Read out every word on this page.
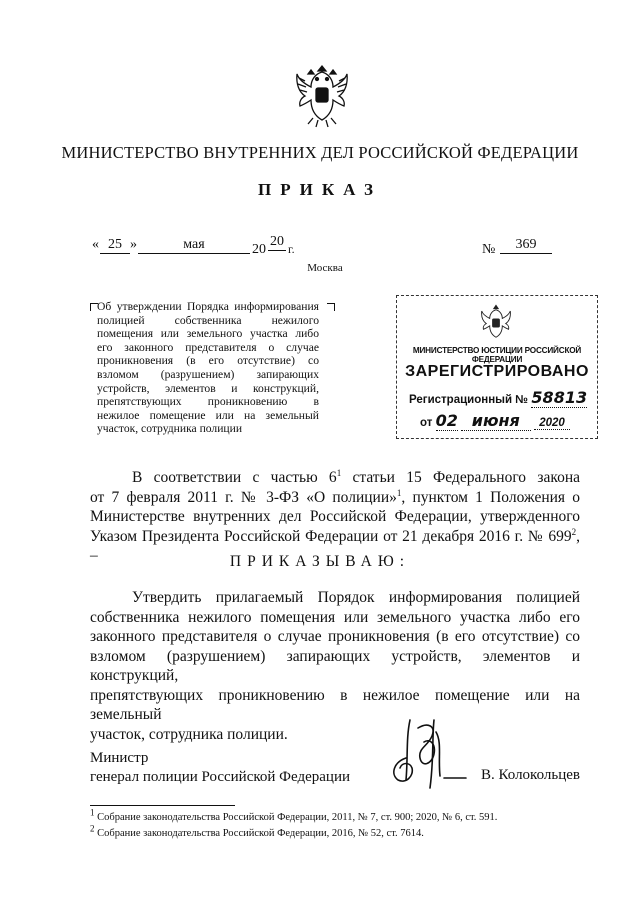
МИНИСТЕРСТВО ВНУТРЕННИХ ДЕЛ РОССИЙСКОЙ ФЕДЕРАЦИИ
ПРИКАЗ
« 25 »	мая	20
20 г.	№	369
Москва
Об утверждении Порядка информирования
полицией собственника нежилого
помещения или земельного участка либо
его законного представителя о случае
проникновения (в его отсутствие) со
взломом (разрушением) запирающих
устройств, элементов и конструкций,
препятствующих проникновению в
нежилое помещение или на земельный
участок, сотрудника полиции
МИНИСТЕРСТВО ЮСТИЦИИ РОССИЙСКОЙ ФЕДЕРАЦИИ
ЗАРЕГИСТРИРОВАНО
Регистрационный № 58813
от 02 июня 2020
В соответствии с частью $6^1$ статьи 15 Федерального закона
от 7 февраля 2011 г. № 3-ФЗ «О полиции»$^1$, пунктом 1 Положения о
Министерстве внутренних дел Российской Федерации, утвержденного
Указом Президента Российской Федерации от 21 декабря 2016 г. № $699^2$, –	ПРИКАЗЫВАЮ:
Утвердить прилагаемый Порядок информирования полицией
собственника нежилого помещения или земельного участка либо его
законного представителя о случае проникновения (в его отсутствие) со
взломом (разрушением) запирающих устройств, элементов и конструкций,
препятствующих проникновению в нежилое помещение или на земельный
участок, сотрудника полиции.
Министр
генерал полиции Российской Федерации	В. Колокольцев
$^1$ Собрание законодательства Российской Федерации, 2011, № 7, ст. 900; 2020, № 6, ст. 591.
$^2$ Собрание законодательства Российской Федерации, 2016, № 52, ст. 7614.
